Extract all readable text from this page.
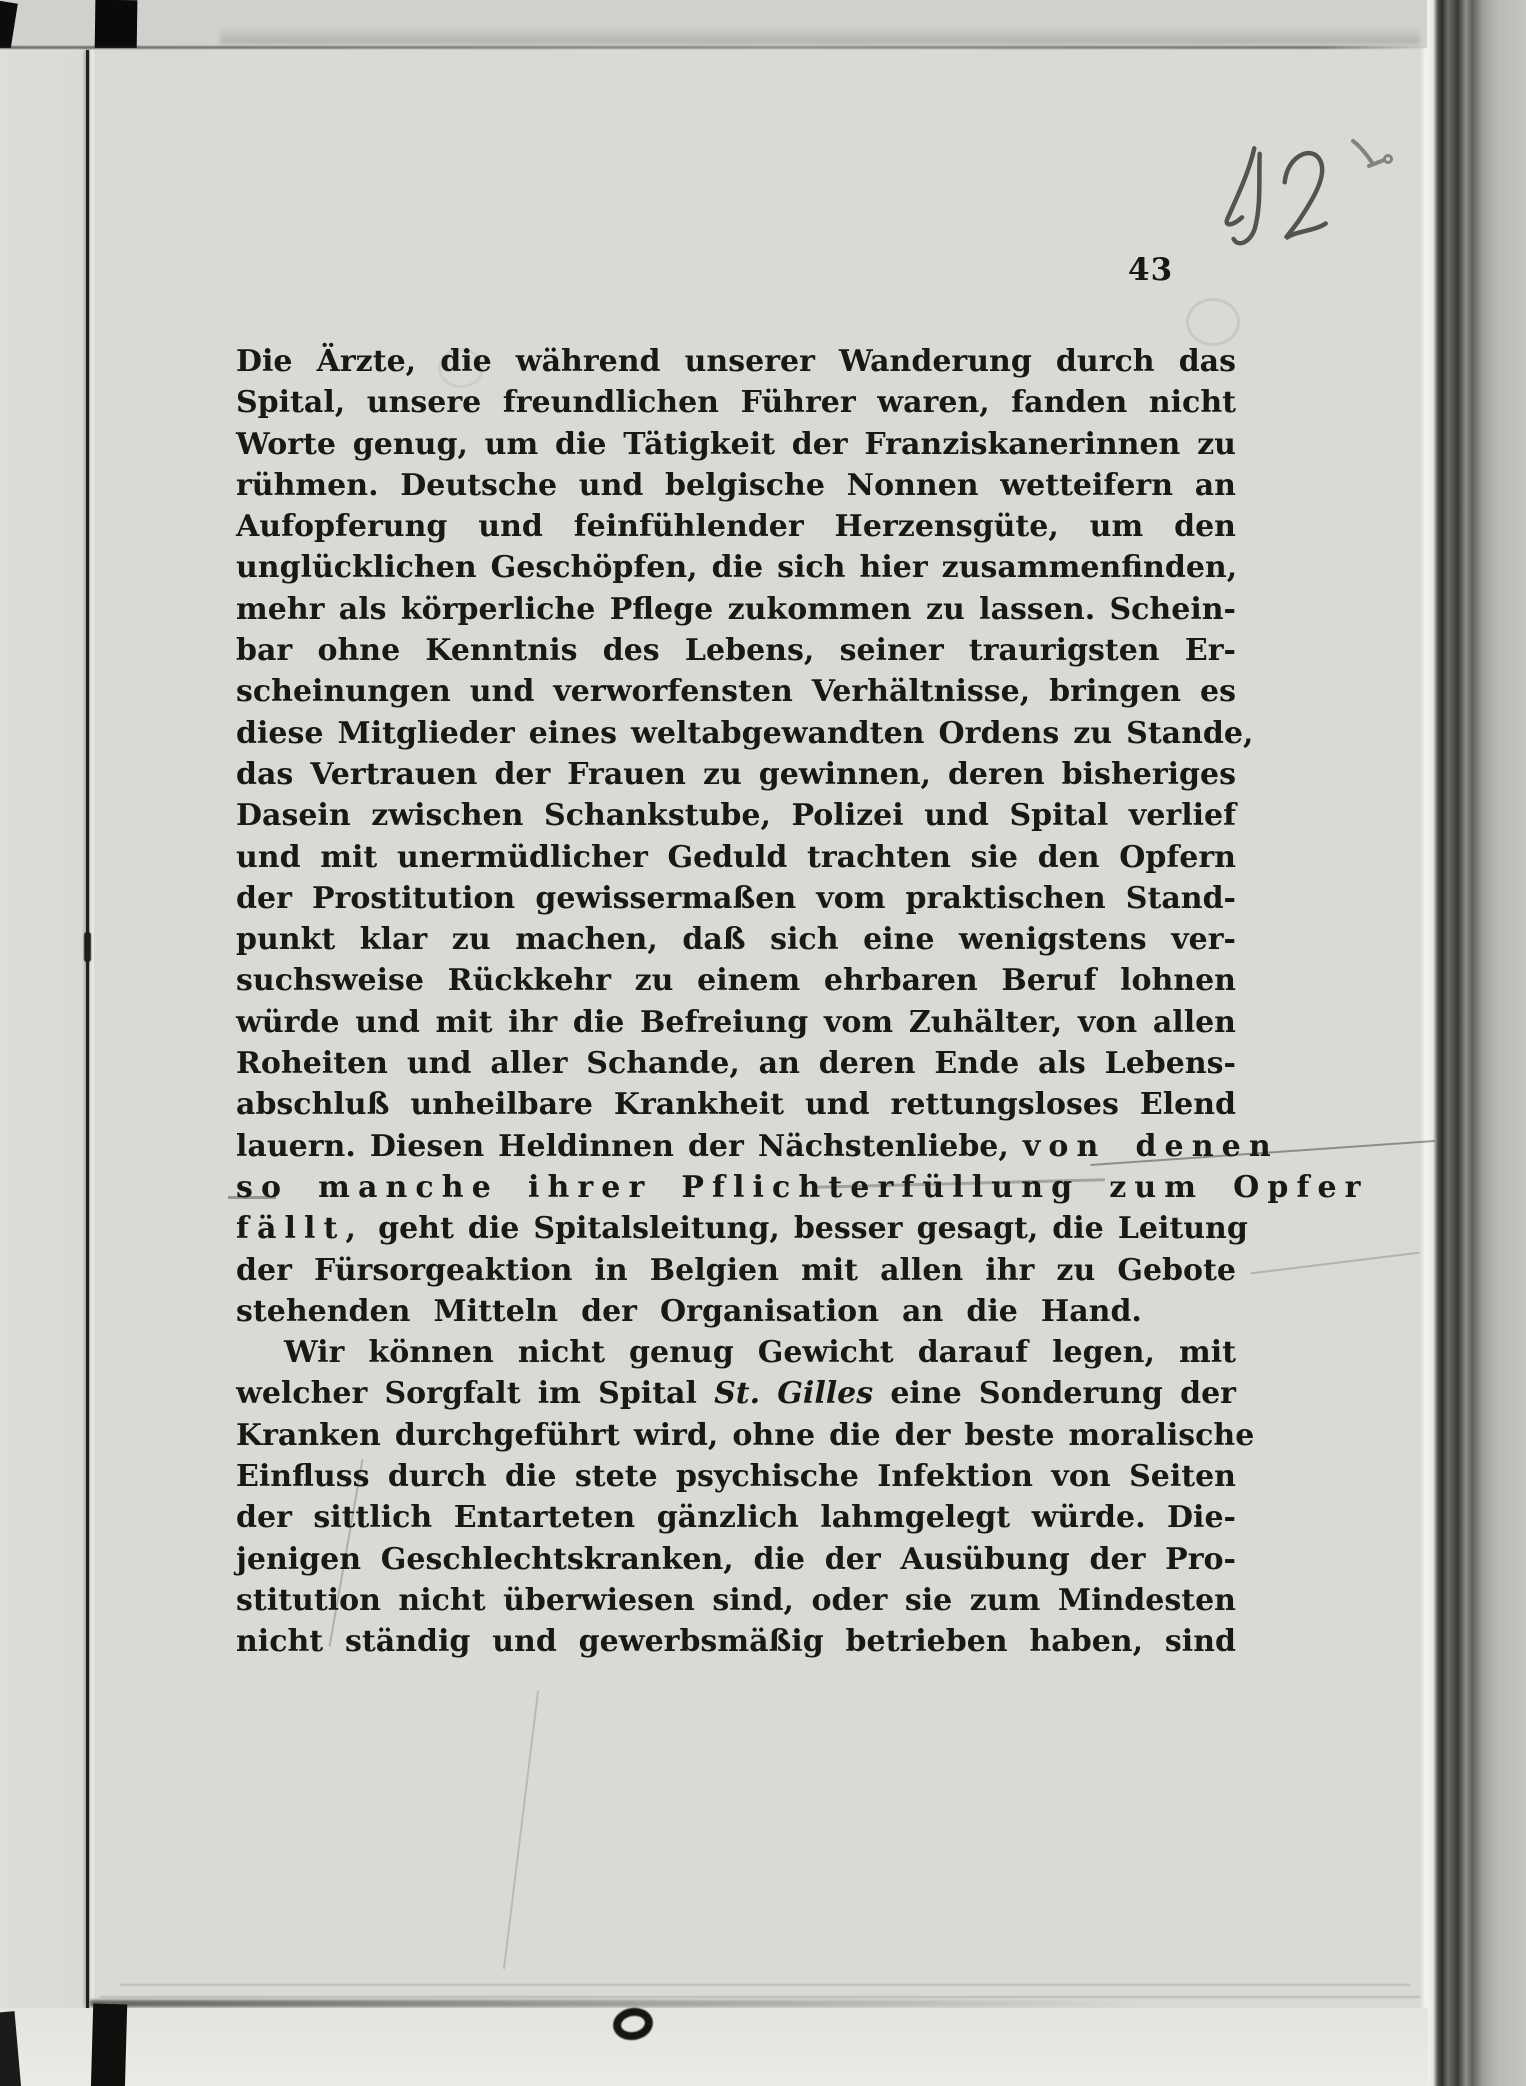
43
Die Ärzte, die während unserer Wanderung durch das
Spital, unsere freundlichen Führer waren, fanden nicht
Worte genug, um die Tätigkeit der Franziskanerinnen zu
rühmen. Deutsche und belgische Nonnen wetteifern an
Aufopferung und feinfühlender Herzensgüte, um den
unglücklichen Geschöpfen, die sich hier zusammenfinden,
mehr als körperliche Pflege zukommen zu lassen. Schein-
bar ohne Kenntnis des Lebens, seiner traurigsten Er-
scheinungen und verworfensten Verhältnisse, bringen es
diese Mitglieder eines weltabgewandten Ordens zu Stande,
das Vertrauen der Frauen zu gewinnen, deren bisheriges
Dasein zwischen Schankstube, Polizei und Spital verlief
und mit unermüdlicher Geduld trachten sie den Opfern
der Prostitution gewissermaßen vom praktischen Stand-
punkt klar zu machen, daß sich eine wenigstens ver-
suchsweise Rückkehr zu einem ehrbaren Beruf lohnen
würde und mit ihr die Befreiung vom Zuhälter, von allen
Roheiten und aller Schande, an deren Ende als Lebens-
abschluß unheilbare Krankheit und rettungsloses Elend
lauern. Diesen Heldinnen der Nächstenliebe, von denen
so manche ihrer Pflichterfüllung zum Opfer
fällt, geht die Spitalsleitung, besser gesagt, die Leitung
der Fürsorgeaktion in Belgien mit allen ihr zu Gebote
stehenden Mitteln der Organisation an die Hand.
Wir können nicht genug Gewicht darauf legen, mit
welcher Sorgfalt im Spital St. Gilles eine Sonderung der
Kranken durchgeführt wird, ohne die der beste moralische
Einfluss durch die stete psychische Infektion von Seiten
der sittlich Entarteten gänzlich lahmgelegt würde. Die-
jenigen Geschlechtskranken, die der Ausübung der Pro-
stitution nicht überwiesen sind, oder sie zum Mindesten
nicht ständig und gewerbsmäßig betrieben haben, sind
